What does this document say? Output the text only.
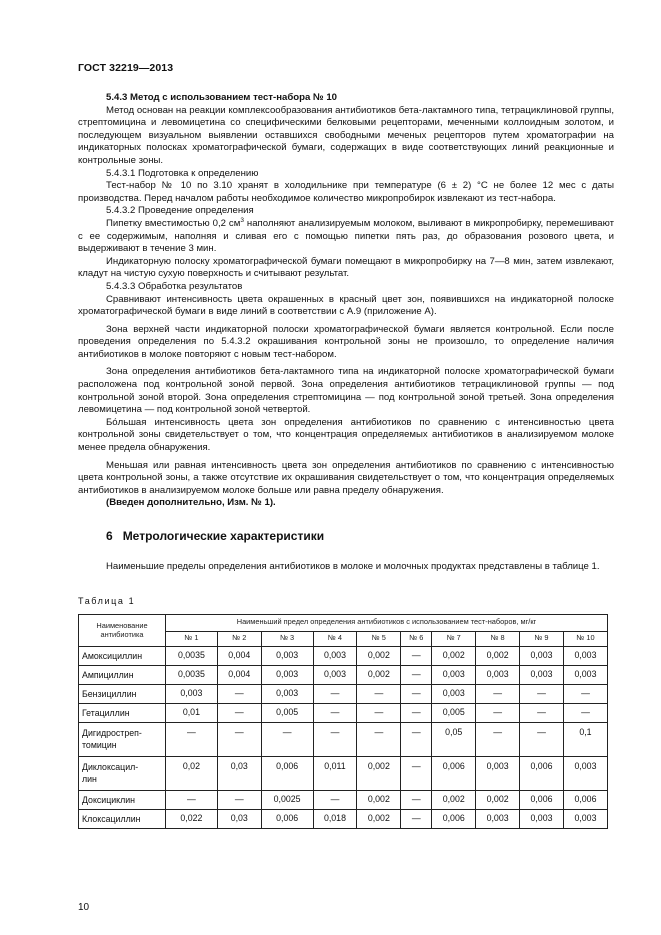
ГОСТ 32219—2013

5.4.3 Метод с использованием тест-набора № 10

Метод основан на реакции комплексообразования антибиотиков бета-лактамного типа, тетрациклиновой группы, стрептомицина и левомицетина со специфическими белковыми рецепторами, меченными коллоидным золотом, и последующем визуальном выявлении оставшихся свободными меченых рецепторов путем хроматографии на индикаторных полосках хроматографической бумаги, содержащих в виде соответствующих линий реакционные и контрольные зоны.

5.4.3.1 Подготовка к определению

Тест-набор № 10 по 3.10 хранят в холодильнике при температуре (6 ± 2) °С не более 12 мес с даты производства. Перед началом работы необходимое количество микропробирок извлекают из тест-набора.

5.4.3.2 Проведение определения

Пипетку вместимостью 0,2 $см^3$ наполняют анализируемым молоком, выливают в микропробирку, перемешивают с ее содержимым, наполняя и сливая его с помощью пипетки пять раз, до образования розового цвета, и выдерживают в течение 3 мин.

Индикаторную полоску хроматографической бумаги помещают в микропробирку на 7—8 мин, затем извлекают, кладут на чистую сухую поверхность и считывают результат.

5.4.3.3 Обработка результатов

Сравнивают интенсивность цвета окрашенных в красный цвет зон, появившихся на индикаторной полоске хроматографической бумаги в виде линий в соответствии с А.9 (приложение А).

Зона верхней части индикаторной полоски хроматографической бумаги является контрольной. Если после проведения определения по 5.4.3.2 окрашивания контрольной зоны не произошло, то определение наличия антибиотиков в молоке повторяют с новым тест-набором.

Зона определения антибиотиков бета-лактамного типа на индикаторной полоске хроматографической бумаги расположена под контрольной зоной первой. Зона определения антибиотиков тетрациклиновой группы — под контрольной зоной второй. Зона определения стрептомицина — под контрольной зоной третьей. Зона определения левомицетина — под контрольной зоной четвертой.

Бо́льшая интенсивность цвета зон определения антибиотиков по сравнению с интенсивностью цвета контрольной зоны свидетельствует о том, что концентрация определяемых антибиотиков в анализируемом молоке менее предела обнаружения.

Меньшая или равная интенсивность цвета зон определения антибиотиков по сравнению с интенсивностью цвета контрольной зоны, а также отсутствие их окрашивания свидетельствует о том, что концентрация определяемых антибиотиков в анализируемом молоке больше или равна пределу обнаружения.

(Введен дополнительно, Изм. № 1).

6 Метрологические характеристики

Наименьшие пределы определения антибиотиков в молоке и молочных продуктах представлены в таблице 1.

Таблица 1
Наименование антибиотика	Наименьший предел определения антибиотиков с использованием тест-наборов, мг/кг									
	№ 1	№ 2	№ 3	№ 4	№ 5	№ 6	№ 7	№ 8	№ 9	№ 10
Амоксициллин	0,0035	0,004	0,003	0,003	0,002	—	0,002	0,002	0,003	0,003
Ампициллин	0,0035	0,004	0,003	0,003	0,002	—	0,003	0,003	0,003	0,003
Бензициллин	0,003	—	0,003	—	—	—	0,003	—	—	—
Гетациллин	0,01	—	0,005	—	—	—	0,005	—	—	—
Дигидростреп-
томицин	—	—	—	—	—	—	0,05	—	—	0,1
Диклоксацил-
лин	0,02	0,03	0,006	0,011	0,002	—	0,006	0,003	0,006	0,003
Доксициклин	—	—	0,0025	—	0,002	—	0,002	0,002	0,006	0,006
Клоксациллин	0,022	0,03	0,006	0,018	0,002	—	0,006	0,003	0,003	0,003
10
